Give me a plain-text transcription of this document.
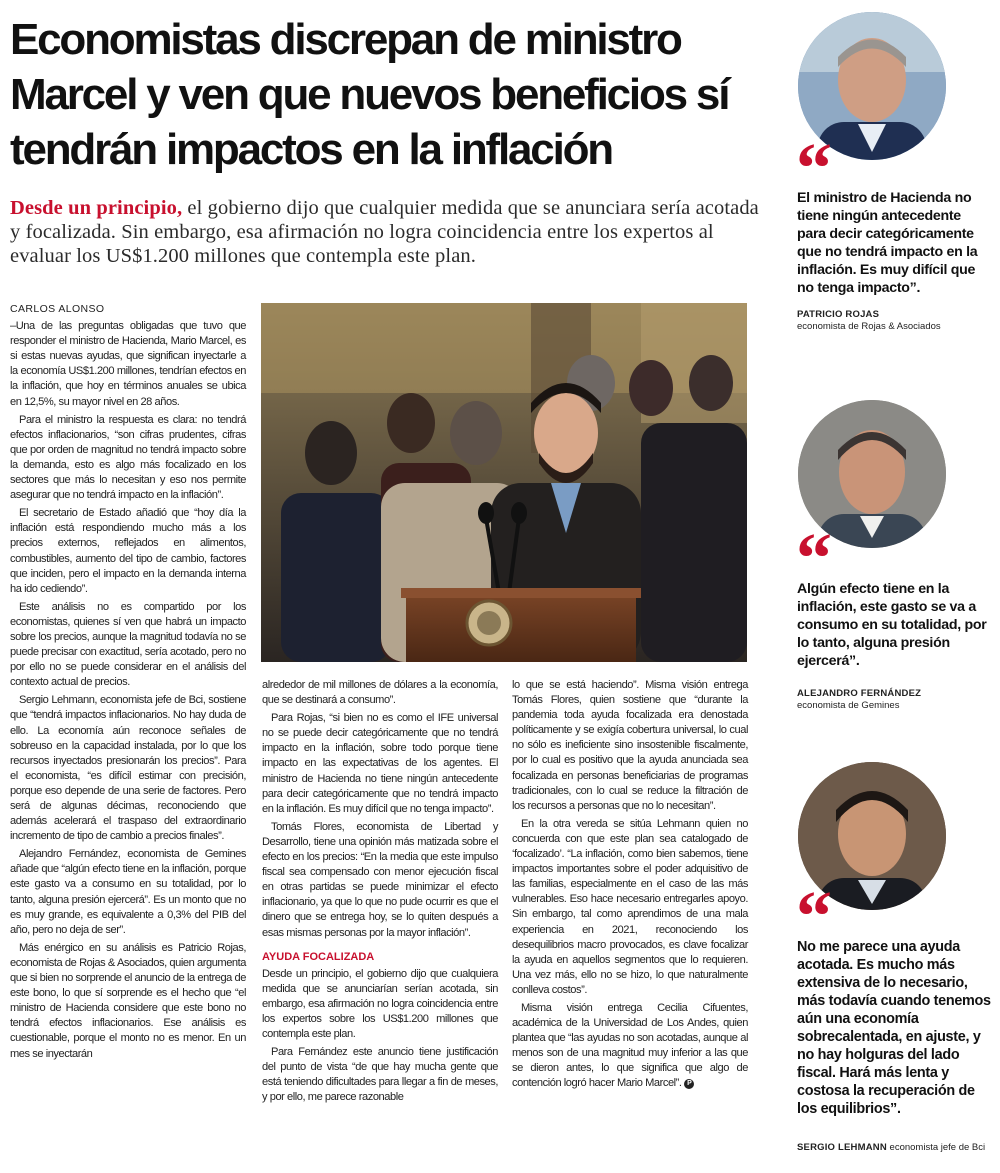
Economistas discrepan de ministro Marcel y ven que nuevos beneficios sí tendrán impactos en la inflación

Desde un principio, el gobierno dijo que cualquier medida que se anunciara sería acotada y focalizada. Sin embargo, esa afirmación no logra coincidencia entre los expertos al evaluar los US$1.200 millones que contempla este plan.

CARLOS ALONSO

–Una de las preguntas obligadas que tuvo que responder el ministro de Hacienda, Mario Marcel, es si estas nuevas ayudas, que significan inyectarle a la economía US$1.200 millones, tendrían efectos en la inflación, que hoy en términos anuales se ubica en 12,5%, su mayor nivel en 28 años.

Para el ministro la respuesta es clara: no tendrá efectos inflacionarios, “son cifras prudentes, cifras que por orden de magnitud no tendrá impacto sobre la demanda, esto es algo más focalizado en los sectores que más lo necesitan y eso nos permite asegurar que no tendrá impacto en la inflación”.

El secretario de Estado añadió que “hoy día la inflación está respondiendo mucho más a los precios externos, reflejados en alimentos, combustibles, aumento del tipo de cambio, factores que inciden, pero el impacto en la demanda interna ha ido cediendo”.

Este análisis no es compartido por los economistas, quienes sí ven que habrá un impacto sobre los precios, aunque la magnitud todavía no se puede precisar con exactitud, sería acotado, pero no por ello no se puede considerar en el análisis del contexto actual de precios.

Sergio Lehmann, economista jefe de Bci, sostiene que “tendrá impactos inflacionarios. No hay duda de ello. La economía aún reconoce señales de sobreuso en la capacidad instalada, por lo que los recursos inyectados presionarán los precios”. Para el economista, “es difícil estimar con precisión, porque eso depende de una serie de factores. Pero será de algunas décimas, reconociendo que además acelerará el traspaso del extraordinario incremento de tipo de cambio a precios finales”.

Alejandro Fernández, economista de Gemines añade que “algún efecto tiene en la inflación, porque este gasto va a consumo en su totalidad, por lo tanto, alguna presión ejercerá”. Es un monto que no es muy grande, es equivalente a 0,3% del PIB del año, pero no deja de ser”.

Más enérgico en su análisis es Patricio Rojas, economista de Rojas & Asociados, quien argumenta que si bien no sorprende el anuncio de la entrega de este bono, lo que sí sorprende es el hecho que “el ministro de Hacienda considere que este bono no tendrá efectos inflacionarios. Ese análisis es cuestionable, porque el monto no es menor. En un mes se inyectarán

alrededor de mil millones de dólares a la economía, que se destinará a consumo”.

Para Rojas, “si bien no es como el IFE universal no se puede decir categóricamente que no tendrá impacto en la inflación, sobre todo porque tiene impacto en las expectativas de los agentes. El ministro de Hacienda no tiene ningún antecedente para decir categóricamente que no tendrá impacto en la inflación. Es muy difícil que no tenga impacto”.

Tomás Flores, economista de Libertad y Desarrollo, tiene una opinión más matizada sobre el efecto en los precios: “En la media que este impulso fiscal sea compensado con menor ejecución fiscal en otras partidas se puede minimizar el efecto inflacionario, ya que lo que no pude ocurrir es que el dinero que se entrega hoy, se lo quiten después a esas mismas personas por la mayor inflación”.

AYUDA FOCALIZADA

Desde un principio, el gobierno dijo que cualquiera medida que se anunciarían serían acotada, sin embargo, esa afirmación no logra coincidencia entre los expertos sobre los US$1.200 millones que contempla este plan.

Para Fernández este anuncio tiene justificación del punto de vista “de que hay mucha gente que está teniendo dificultades para llegar a fin de meses, y por ello, me parece razonable

lo que se está haciendo”. Misma visión entrega Tomás Flores, quien sostiene que “durante la pandemia toda ayuda focalizada era denostada políticamente y se exigía cobertura universal, lo cual no sólo es ineficiente sino insostenible fiscalmente, por lo cual es positivo que la ayuda anunciada sea focalizada en personas beneficiarias de programas tradicionales, con lo cual se reduce la filtración de los recursos a personas que no lo necesitan”.

En la otra vereda se sitúa Lehmann quien no concuerda con que este plan sea catalogado de ‘focalizado’. “La inflación, como bien sabemos, tiene impactos importantes sobre el poder adquisitivo de las familias, especialmente en el caso de las más vulnerables. Eso hace necesario entregarles apoyo. Sin embargo, tal como aprendimos de una mala experiencia en 2021, reconociendo los desequilibrios macro provocados, es clave focalizar la ayuda en aquellos segmentos que lo requieren. Una vez más, ello no se hizo, lo que naturalmente conlleva costos”.

Misma visión entrega Cecilia Cifuentes, académica de la Universidad de Los Andes, quien plantea que “las ayudas no son acotadas, aunque al menos son de una magnitud muy inferior a las que se dieron antes, lo que significa que algo de contención logró hacer Mario Marcel”. P

“

El ministro de Hacienda no tiene ningún antecedente para decir categóricamente que no tendrá impacto en la inflación. Es muy difícil que no tenga impacto”.

PATRICIO ROJAS
economista de Rojas & Asociados
“

Algún efecto tiene en la inflación, este gasto se va a consumo en su totalidad, por lo tanto, alguna presión ejercerá”.

ALEJANDRO FERNÁNDEZ
economista de Gemines
“

No me parece una ayuda acotada. Es mucho más extensiva de lo necesario, más todavía cuando tenemos aún una economía sobrecalentada, en ajuste, y no hay holguras del lado fiscal. Hará más lenta y costosa la recuperación de los equilibrios”.

SERGIO LEHMANN economista jefe de Bci
